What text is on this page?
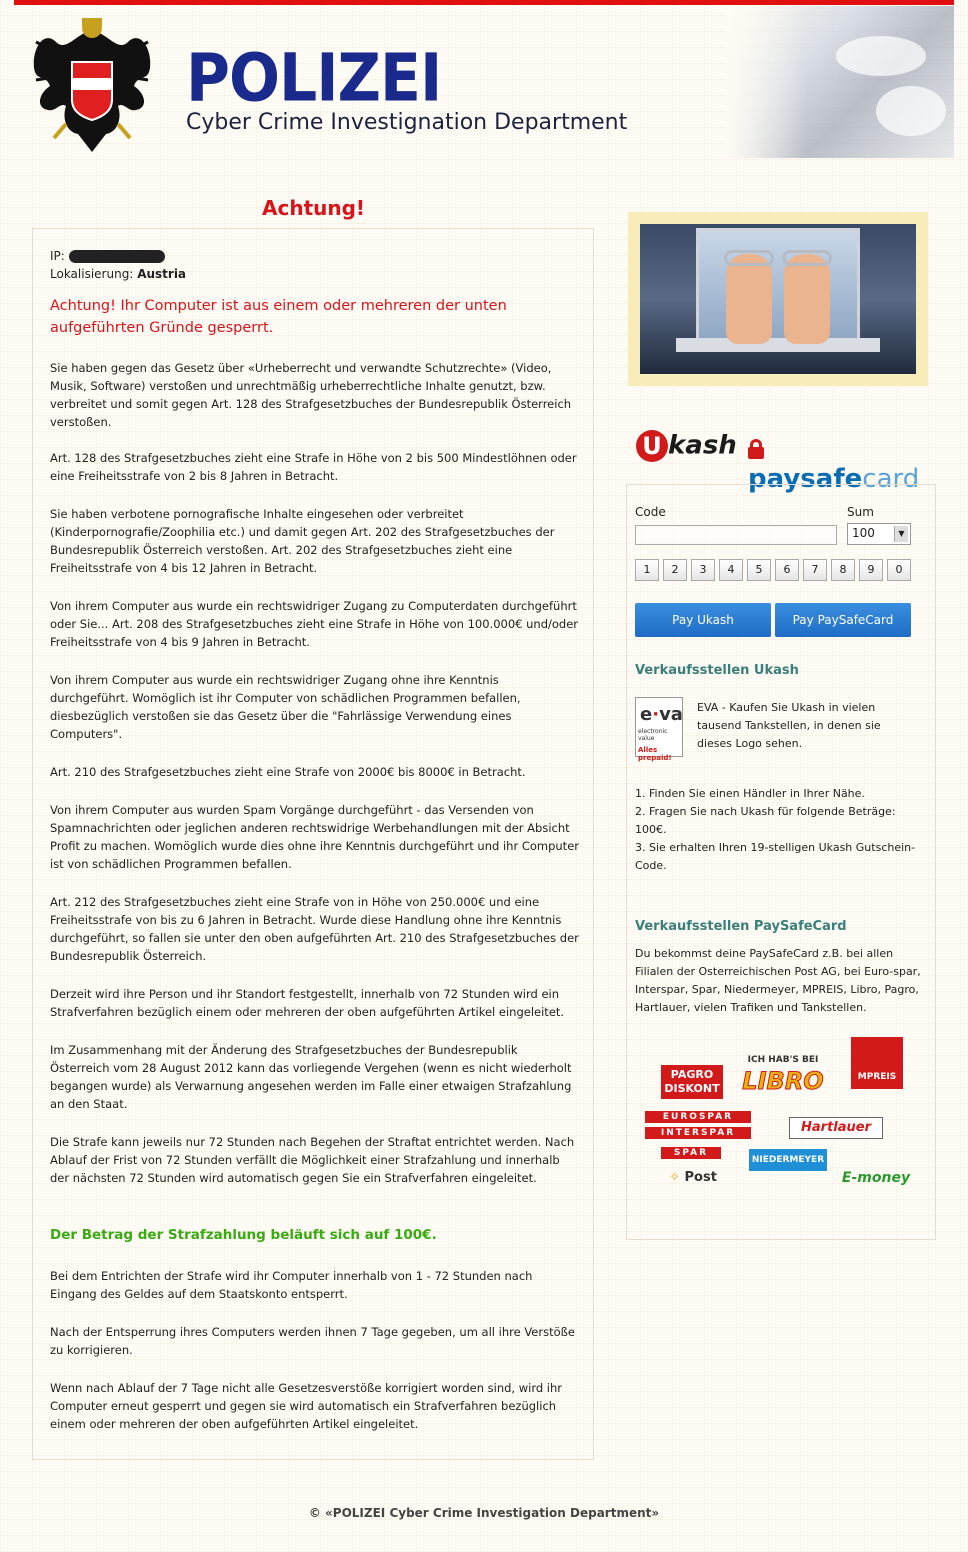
POLIZEI
Cyber Crime Investignation Department
Achtung!
IP:
Lokalisierung: Austria
Achtung! Ihr Computer ist aus einem oder mehreren der unten aufgeführten Gründe gesperrt.
Sie haben gegen das Gesetz über «Urheberrecht und verwandte Schutzrechte» (Video, Musik, Software) verstoßen und unrechtmäßig urheberrechtliche Inhalte genutzt, bzw. verbreitet und somit gegen Art. 128 des Strafgesetzbuches der Bundesrepublik Österreich verstoßen.
Art. 128 des Strafgesetzbuches zieht eine Strafe in Höhe von 2 bis 500 Mindestlöhnen oder eine Freiheitsstrafe von 2 bis 8 Jahren in Betracht.
Sie haben verbotene pornografische Inhalte eingesehen oder verbreitet (Kinderpornografie/Zoophilia etc.) und damit gegen Art. 202 des Strafgesetzbuches der Bundesrepublik Österreich verstoßen. Art. 202 des Strafgesetzbuches zieht eine Freiheitsstrafe von 4 bis 12 Jahren in Betracht.
Von ihrem Computer aus wurde ein rechtswidriger Zugang zu Computerdaten durchgeführt oder Sie... Art. 208 des Strafgesetzbuches zieht eine Strafe in Höhe von 100.000€ und/oder Freiheitsstrafe von 4 bis 9 Jahren in Betracht.
Von ihrem Computer aus wurde ein rechtswidriger Zugang ohne ihre Kenntnis durchgeführt. Womöglich ist ihr Computer von schädlichen Programmen befallen, diesbezüglich verstoßen sie das Gesetz über die "Fahrlässige Verwendung eines Computers".
Art. 210 des Strafgesetzbuches zieht eine Strafe von 2000€ bis 8000€ in Betracht.
Von ihrem Computer aus wurden Spam Vorgänge durchgeführt - das Versenden von Spamnachrichten oder jeglichen anderen rechtswidrige Werbehandlungen mit der Absicht Profit zu machen. Womöglich wurde dies ohne ihre Kenntnis durchgeführt und ihr Computer ist von schädlichen Programmen befallen.
Art. 212 des Strafgesetzbuches zieht eine Strafe von in Höhe von 250.000€ und eine Freiheitsstrafe von bis zu 6 Jahren in Betracht. Wurde diese Handlung ohne ihre Kenntnis durchgeführt, so fallen sie unter den oben aufgeführten Art. 210 des Strafgesetzbuches der Bundesrepublik Österreich.
Derzeit wird ihre Person und ihr Standort festgestellt, innerhalb von 72 Stunden wird ein Strafverfahren bezüglich einem oder mehreren der oben aufgeführten Artikel eingeleitet.
Im Zusammenhang mit der Änderung des Strafgesetzbuches der Bundesrepublik Österreich vom 28 August 2012 kann das vorliegende Vergehen (wenn es nicht wiederholt begangen wurde) als Verwarnung angesehen werden im Falle einer etwaigen Strafzahlung an den Staat.
Die Strafe kann jeweils nur 72 Stunden nach Begehen der Straftat entrichtet werden. Nach Ablauf der Frist von 72 Stunden verfällt die Möglichkeit einer Strafzahlung und innerhalb der nächsten 72 Stunden wird automatisch gegen Sie ein Strafverfahren eingeleitet.
Der Betrag der Strafzahlung beläuft sich auf 100€.
Bei dem Entrichten der Strafe wird ihr Computer innerhalb von 1 - 72 Stunden nach Eingang des Geldes auf dem Staatskonto entsperrt.
Nach der Entsperrung ihres Computers werden ihnen 7 Tage gegeben, um all ihre Verstöße zu korrigieren.
Wenn nach Ablauf der 7 Tage nicht alle Gesetzesverstöße korrigiert worden sind, wird ihr Computer erneut gesperrt und gegen sie wird automatisch ein Strafverfahren bezüglich einem oder mehreren der oben aufgeführten Artikel eingeleitet.
U kash
paysafecard
Code	Sum
100	▼
1	2	3	4	5	6	7	8	9	0
Pay Ukash	Pay PaySafeCard
Verkaufsstellen Ukash
e·va
electronic value
Alles prepaid!
EVA - Kaufen Sie Ukash in vielen tausend Tankstellen, in denen sie dieses Logo sehen.
1. Finden Sie einen Händler in Ihrer Nähe.
2. Fragen Sie nach Ukash für folgende Beträge: 100€.
3. Sie erhalten Ihren 19-stelligen Ukash Gutschein-Code.
Verkaufsstellen PaySafeCard
Du bekommst deine PaySafeCard z.B. bei allen Filialen der Osterreichischen Post AG, bei Euro-spar, Interspar, Spar, Niedermeyer, MPREIS, Libro, Pagro, Hartlauer, vielen Trafiken und Tankstellen.
PAGRO DISKONT
ICH HAB'S BEI
LIBRO	MPREIS
EUROSPAR
INTERSPAR
SPAR
Hartlauer
✧ Post
NIEDERMEYER
E-money
© «POLIZEI Cyber Crime Investigation Department»
